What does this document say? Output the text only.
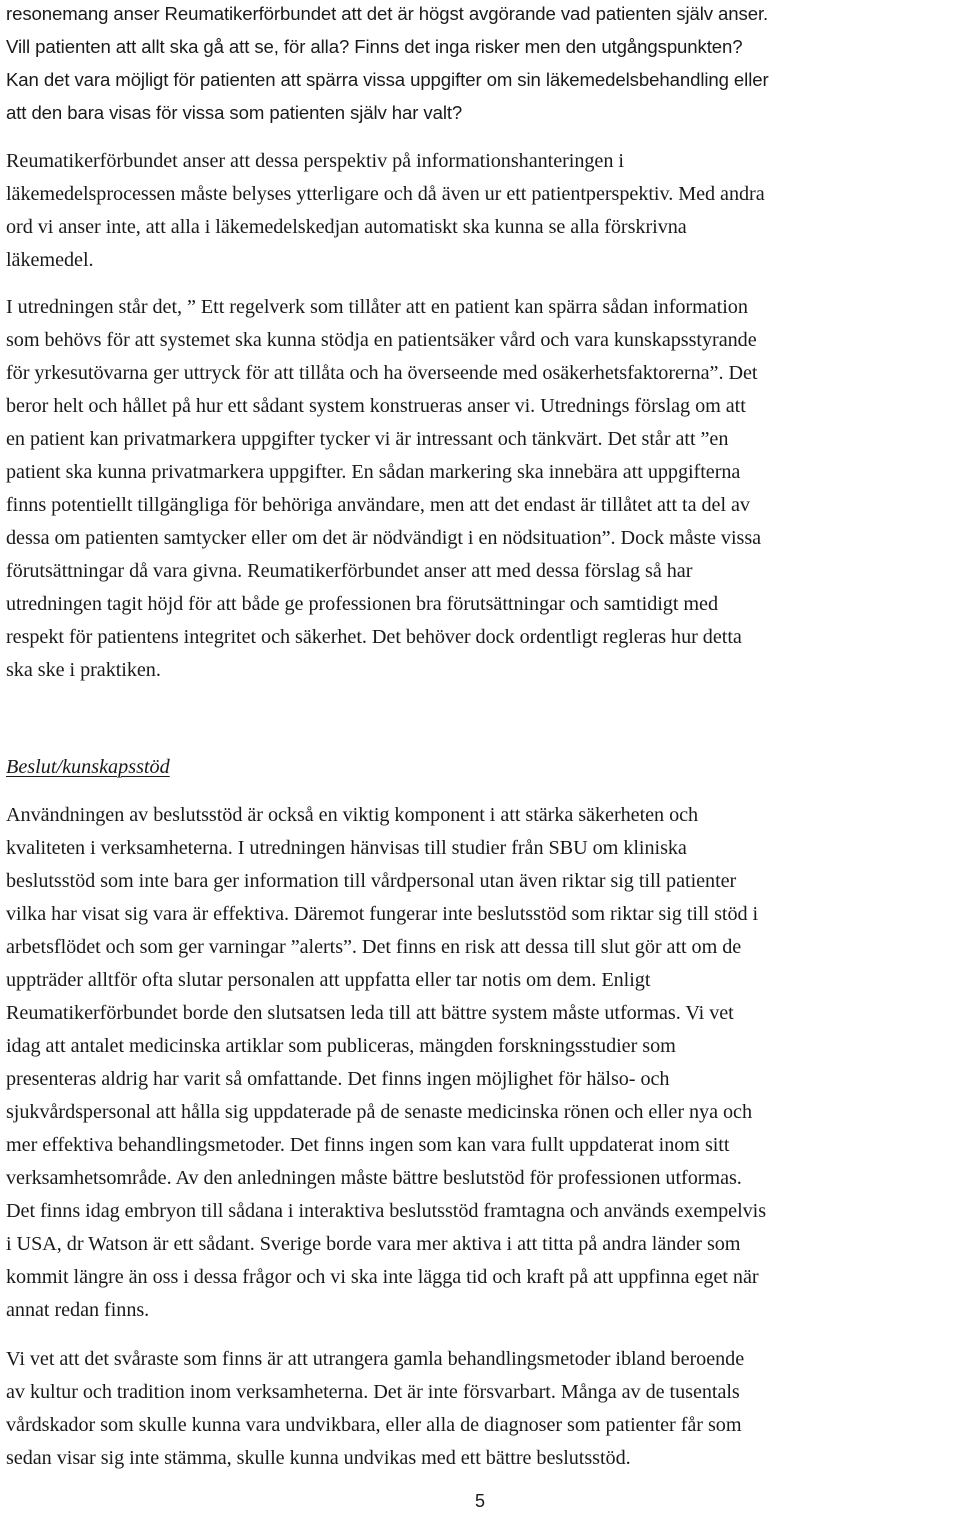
resonemang anser Reumatikerförbundet att det är högst avgörande vad patienten själv anser.
Vill patienten att allt ska gå att se, för alla? Finns det inga risker men den utgångspunkten?
Kan det vara möjligt för patienten att spärra vissa uppgifter om sin läkemedelsbehandling eller
att den bara visas för vissa som patienten själv har valt?
Reumatikerförbundet anser att dessa perspektiv på informationshanteringen i
läkemedelsprocessen måste belyses ytterligare och då även ur ett patientperspektiv. Med andra
ord vi anser inte, att alla i läkemedelskedjan automatiskt ska kunna se alla förskrivna
läkemedel.
I utredningen står det, ” Ett regelverk som tillåter att en patient kan spärra sådan information
som behövs för att systemet ska kunna stödja en patientsäker vård och vara kunskapsstyrande
för yrkesutövarna ger uttryck för att tillåta och ha överseende med osäkerhetsfaktorerna”. Det
beror helt och hållet på hur ett sådant system konstrueras anser vi. Utrednings förslag om att
en patient kan privatmarkera uppgifter tycker vi är intressant och tänkvärt. Det står att ”en
patient ska kunna privatmarkera uppgifter. En sådan markering ska innebära att uppgifterna
finns potentiellt tillgängliga för behöriga användare, men att det endast är tillåtet att ta del av
dessa om patienten samtycker eller om det är nödvändigt i en nödsituation”. Dock måste vissa
förutsättningar då vara givna. Reumatikerförbundet anser att med dessa förslag så har
utredningen tagit höjd för att både ge professionen bra förutsättningar och samtidigt med
respekt för patientens integritet och säkerhet. Det behöver dock ordentligt regleras hur detta
ska ske i praktiken.
Beslut/kunskapsstöd
Användningen av beslutsstöd är också en viktig komponent i att stärka säkerheten och
kvaliteten i verksamheterna. I utredningen hänvisas till studier från SBU om kliniska
beslutsstöd som inte bara ger information till vårdpersonal utan även riktar sig till patienter
vilka har visat sig vara är effektiva. Däremot fungerar inte beslutsstöd som riktar sig till stöd i
arbetsflödet och som ger varningar ”alerts”. Det finns en risk att dessa till slut gör att om de
uppträder alltför ofta slutar personalen att uppfatta eller tar notis om dem. Enligt
Reumatikerförbundet borde den slutsatsen leda till att bättre system måste utformas. Vi vet
idag att antalet medicinska artiklar som publiceras, mängden forskningsstudier som
presenteras aldrig har varit så omfattande. Det finns ingen möjlighet för hälso- och
sjukvårdspersonal att hålla sig uppdaterade på de senaste medicinska rönen och eller nya och
mer effektiva behandlingsmetoder. Det finns ingen som kan vara fullt uppdaterat inom sitt
verksamhetsområde. Av den anledningen måste bättre beslutstöd för professionen utformas.
Det finns idag embryon till sådana i interaktiva beslutsstöd framtagna och används exempelvis
i USA, dr Watson är ett sådant. Sverige borde vara mer aktiva i att titta på andra länder som
kommit längre än oss i dessa frågor och vi ska inte lägga tid och kraft på att uppfinna eget när
annat redan finns.
Vi vet att det svåraste som finns är att utrangera gamla behandlingsmetoder ibland beroende
av kultur och tradition inom verksamheterna. Det är inte försvarbart. Många av de tusentals
vårdskador som skulle kunna vara undvikbara, eller alla de diagnoser som patienter får som
sedan visar sig inte stämma, skulle kunna undvikas med ett bättre beslutsstöd.
5
